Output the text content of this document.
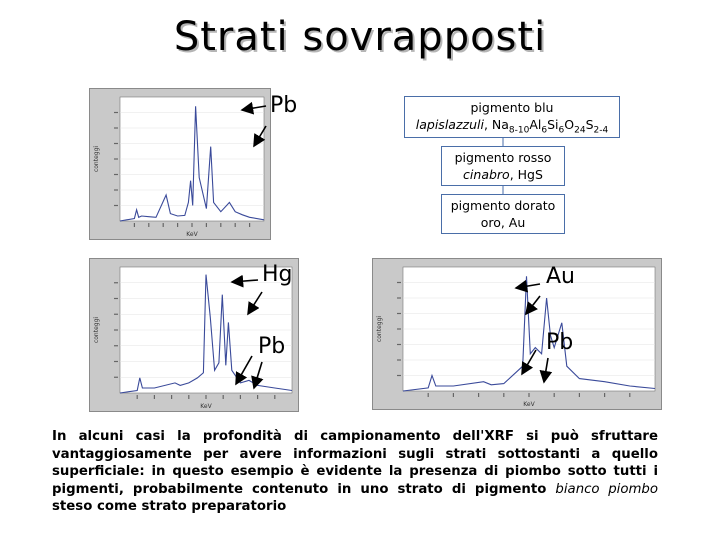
Strati sovrapposti
conteggi
KeV
conteggi
KeV
conteggi
KeV
pigmento blu
lapislazzuli, $Na_{8-10}Al_6Si_6O_{24}S_{2-4}$
pigmento rosso
cinabro, HgS
pigmento dorato
oro, Au
Pb
Hg
Pb
Au
Pb
In alcuni casi la profondità di campionamento dell'XRF si può sfruttare vantaggiosamente per avere informazioni sugli strati sottostanti a quello superficiale: in questo esempio è evidente la presenza di piombo sotto tutti i pigmenti, probabilmente contenuto in uno strato di pigmento bianco piombo steso come strato preparatorio
